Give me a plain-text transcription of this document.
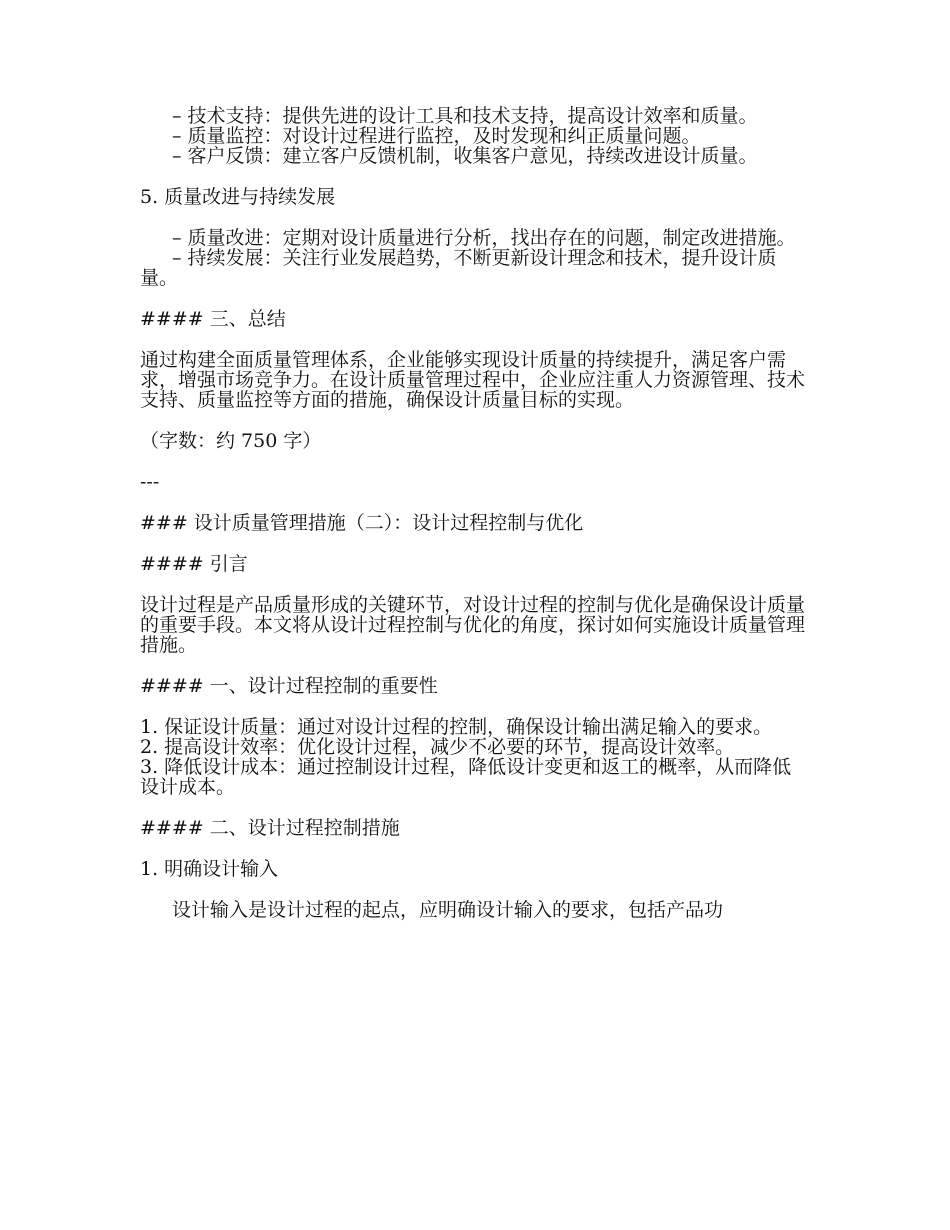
– 技术支持：提供先进的设计工具和技术支持，提高设计效率和质量。

– 质量监控：对设计过程进行监控，及时发现和纠正质量问题。

– 客户反馈：建立客户反馈机制，收集客户意见，持续改进设计质量。

5. 质量改进与持续发展

– 质量改进：定期对设计质量进行分析，找出存在的问题，制定改进措施。

– 持续发展：关注行业发展趋势，不断更新设计理念和技术，提升设计质量。

#### 三、总结

通过构建全面质量管理体系，企业能够实现设计质量的持续提升，满足客户需求，增强市场竞争力。在设计质量管理过程中，企业应注重人力资源管理、技术支持、质量监控等方面的措施，确保设计质量目标的实现。

（字数：约 750 字）

---

### 设计质量管理措施（二）：设计过程控制与优化

#### 引言

设计过程是产品质量形成的关键环节，对设计过程的控制与优化是确保设计质量的重要手段。本文将从设计过程控制与优化的角度，探讨如何实施设计质量管理措施。

#### 一、设计过程控制的重要性

1. 保证设计质量：通过对设计过程的控制，确保设计输出满足输入的要求。

2. 提高设计效率：优化设计过程，减少不必要的环节，提高设计效率。

3. 降低设计成本：通过控制设计过程，降低设计变更和返工的概率，从而降低设计成本。

#### 二、设计过程控制措施

1. 明确设计输入

设计输入是设计过程的起点，应明确设计输入的要求，包括产品功
